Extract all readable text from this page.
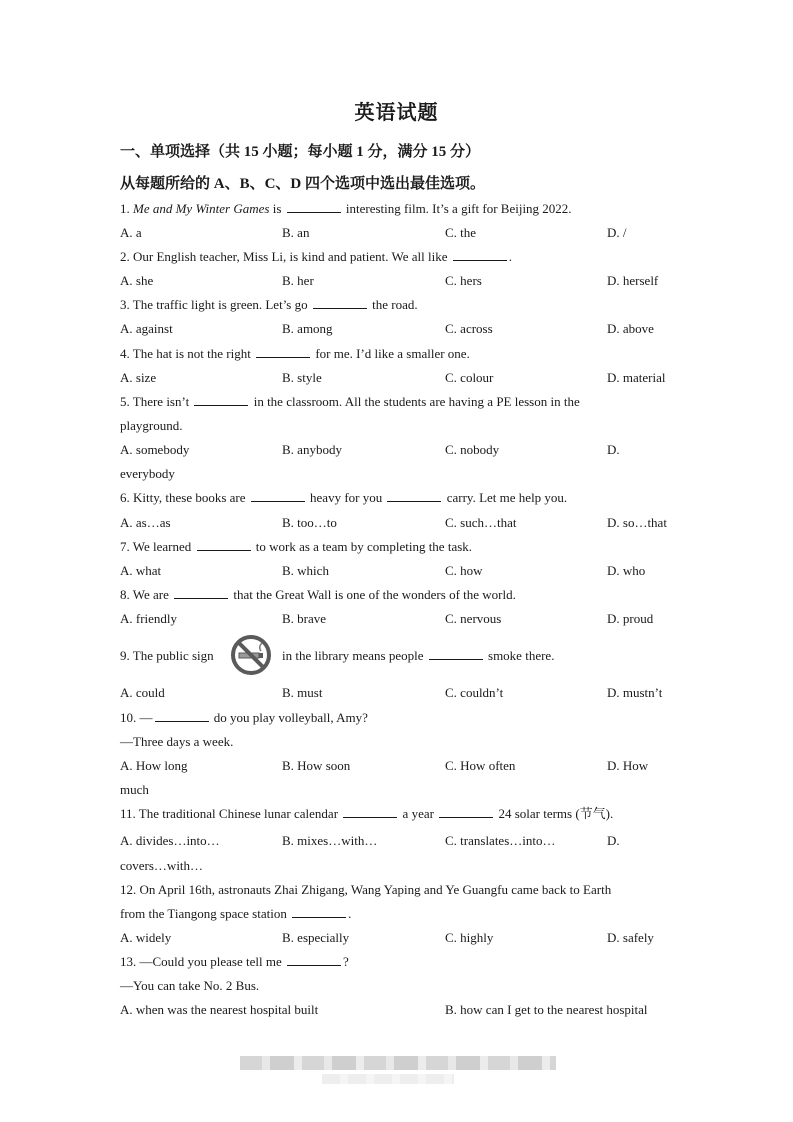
英语试题
一、单项选择（共 15 小题；每小题 1 分，满分 15 分）
从每题所给的 A、B、C、D 四个选项中选出最佳选项。
1. Me and My Winter Games is	interesting film. It’s a gift for Beijing 2022.
A. a	B. an	C. the	D. /
2. Our English teacher, Miss Li, is kind and patient. We all like	.
A. she	B. her	C. hers	D. herself
3. The traffic light is green. Let’s go	the road.
A. against	B. among	C. across	D. above
4. The hat is not the right	for me. I’d like a smaller one.
A. size	B. style	C. colour	D. material
5. There isn’t	in the classroom. All the students are having a PE lesson in the
playground.
A. somebody	B. anybody	C. nobody	D.
everybody
6. Kitty, these books are	heavy for you	carry. Let me help you.
A. as…as	B. too…to	C. such…that	D. so…that
7. We learned	to work as a team by completing the task.
A. what	B. which	C. how	D. who
8. We are	that the Great Wall is one of the wonders of the world.
A. friendly	B. brave	C. nervous	D. proud
9. The public sign	in the library means people	smoke there.
A. could	B. must	C. couldn’t	D. mustn’t
10. —	do you play volleyball, Amy?
—Three days a week.
A. How long	B. How soon	C. How often	D. How
much
11. The traditional Chinese lunar calendar	a year	24 solar terms (节气).
A. divides…into…	B. mixes…with…	C. translates…into…	D.
covers…with…
12. On April 16th, astronauts Zhai Zhigang, Wang Yaping and Ye Guangfu came back to Earth
from the Tiangong space station	.
A. widely	B. especially	C. highly	D. safely
13. —Could you please tell me	?
—You can take No. 2 Bus.
A. when was the nearest hospital built	B. how can I get to the nearest hospital
